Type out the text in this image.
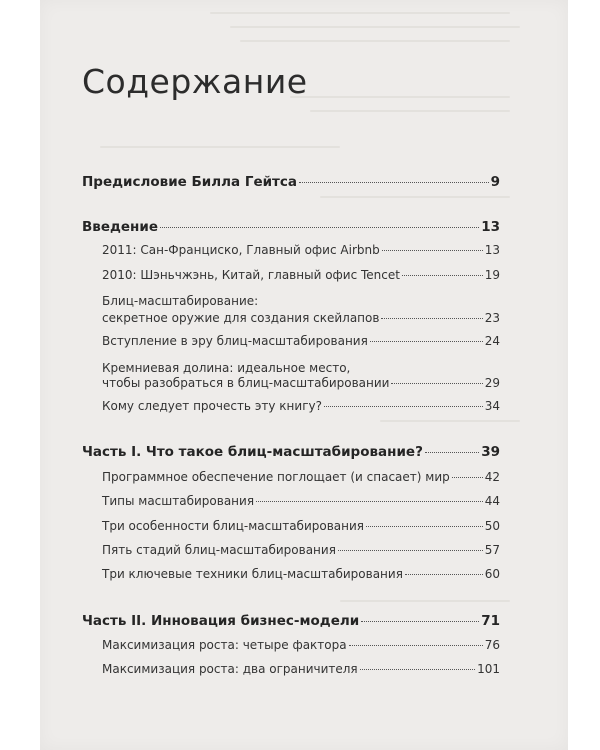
Содержание
Предисловие Билла Гейтса	9
Введение	13
2011: Сан-Франциско, Главный офис Airbnb	13
2010: Шэньчжэнь, Китай, главный офис Tencet	19
Блиц-масштабирование:
секретное оружие для создания скейлапов	23
Вступление в эру блиц-масштабирования	24
Кремниевая долина: идеальное место,
чтобы разобраться в блиц-масштабировании	29
Кому следует прочесть эту книгу?	34
Часть I. Что такое блиц-масштабирование?	39
Программное обеспечение поглощает (и спасает) мир	42
Типы масштабирования	44
Три особенности блиц-масштабирования	50
Пять стадий блиц-масштабирования	57
Три ключевые техники блиц-масштабирования	60
Часть II. Инновация бизнес-модели	71
Максимизация роста: четыре фактора	76
Максимизация роста: два ограничителя	101
